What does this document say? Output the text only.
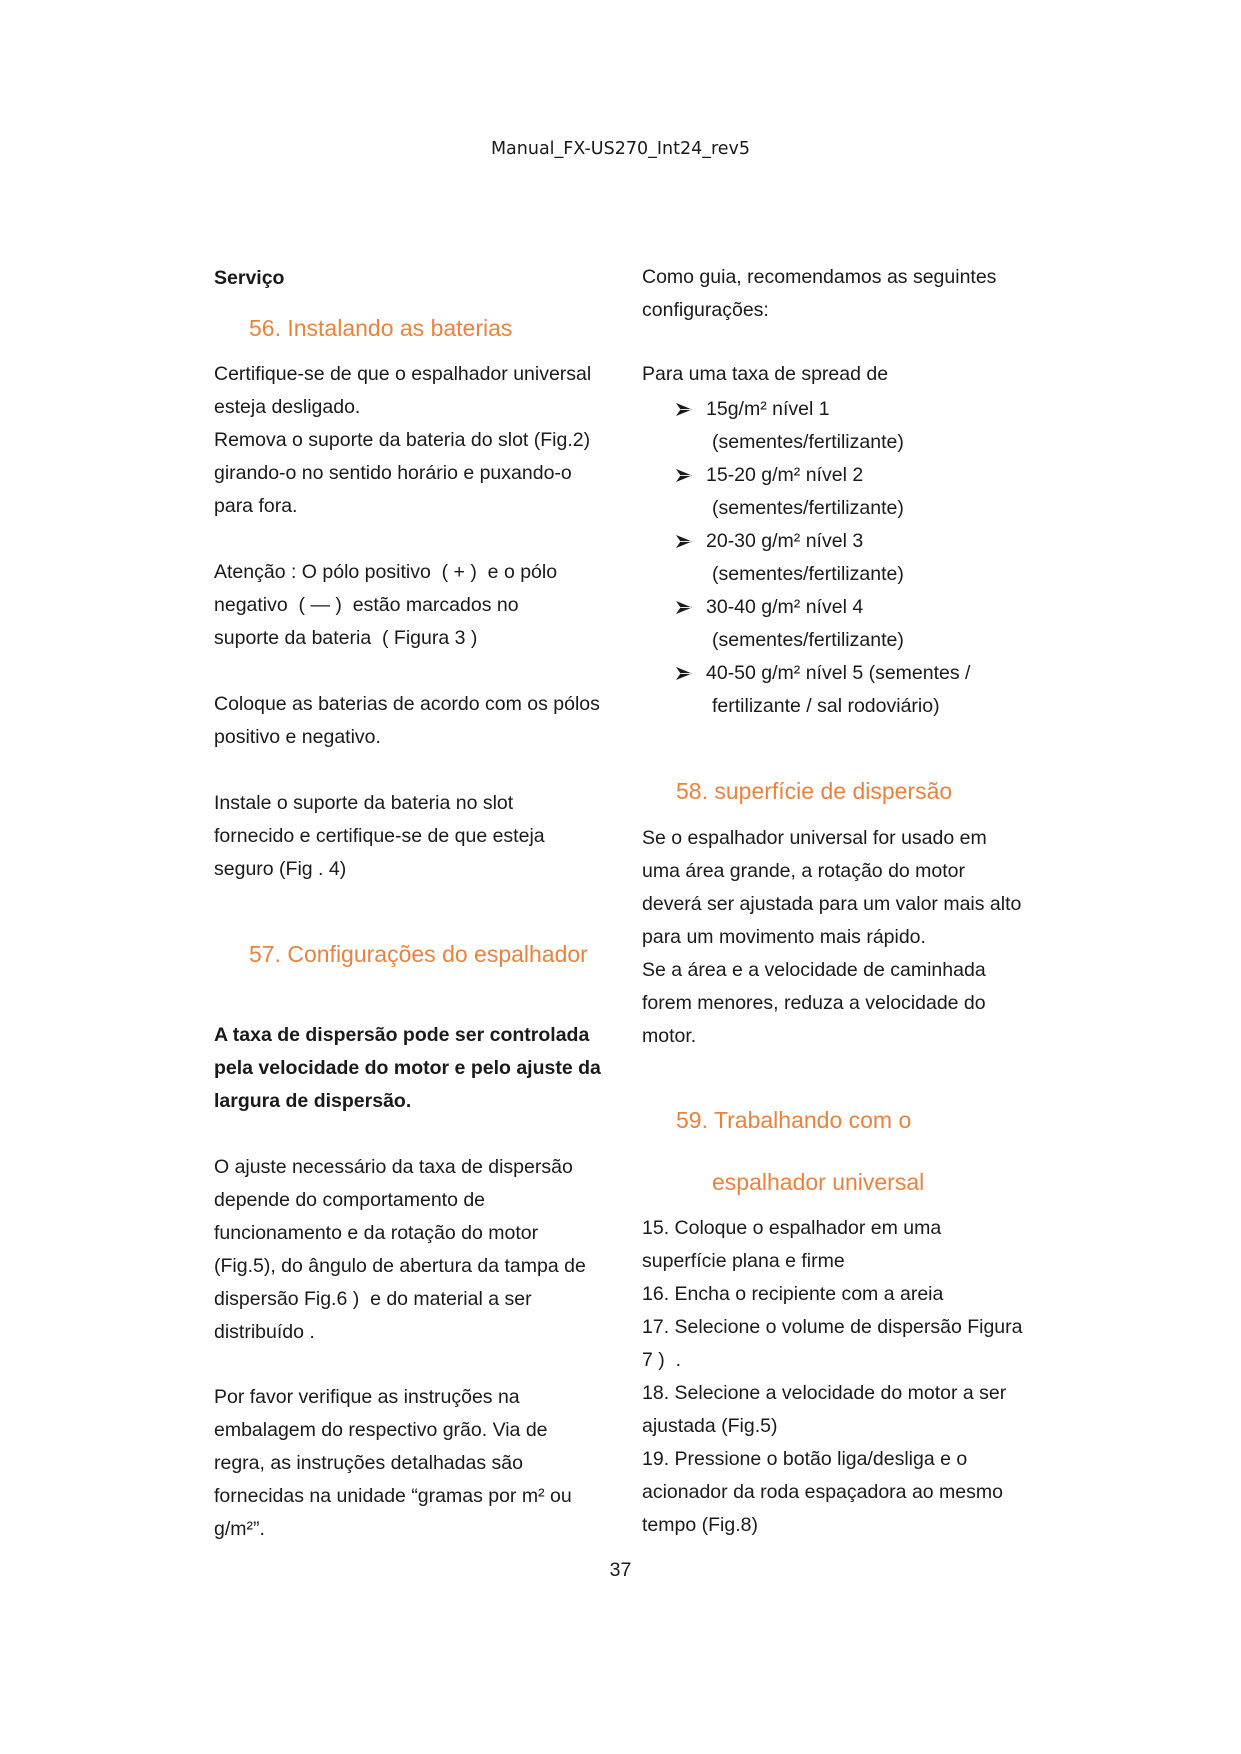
Manual_FX-US270_Int24_rev5
Serviço
56. Instalando as baterias
Certifique-se de que o espalhador universal
esteja desligado.
Remova o suporte da bateria do slot (Fig.2)
girando-o no sentido horário e puxando-o
para fora.
Atenção : O pólo positivo  ( + )  e o pólo
negativo  ( — )  estão marcados no
suporte da bateria  ( Figura 3 )
Coloque as baterias de acordo com os pólos
positivo e negativo.
Instale o suporte da bateria no slot
fornecido e certifique-se de que esteja
seguro (Fig . 4)
57. Configurações do espalhador
A taxa de dispersão pode ser controlada
pela velocidade do motor e pelo ajuste da
largura de dispersão.
O ajuste necessário da taxa de dispersão
depende do comportamento de
funcionamento e da rotação do motor
(Fig.5), do ângulo de abertura da tampa de
dispersão Fig.6 )  e do material a ser
distribuído .
Por favor verifique as instruções na
embalagem do respectivo grão. Via de
regra, as instruções detalhadas são
fornecidas na unidade “gramas por m² ou
g/m²”.
Como guia, recomendamos as seguintes
configurações:
Para uma taxa de spread de
15g/m² nível 1
(sementes/fertilizante)
15-20 g/m² nível 2
(sementes/fertilizante)
20-30 g/m² nível 3
(sementes/fertilizante)
30-40 g/m² nível 4
(sementes/fertilizante)
40-50 g/m² nível 5 (sementes /
fertilizante / sal rodoviário)
58. superfície de dispersão
Se o espalhador universal for usado em
uma área grande, a rotação do motor
deverá ser ajustada para um valor mais alto
para um movimento mais rápido.
Se a área e a velocidade de caminhada
forem menores, reduza a velocidade do
motor.
59. Trabalhando com o
espalhador universal
15. Coloque o espalhador em uma
superfície plana e firme
16. Encha o recipiente com a areia
17. Selecione o volume de dispersão Figura
7 )  .
18. Selecione a velocidade do motor a ser
ajustada (Fig.5)
19. Pressione o botão liga/desliga e o
acionador da roda espaçadora ao mesmo
tempo (Fig.8)
37
